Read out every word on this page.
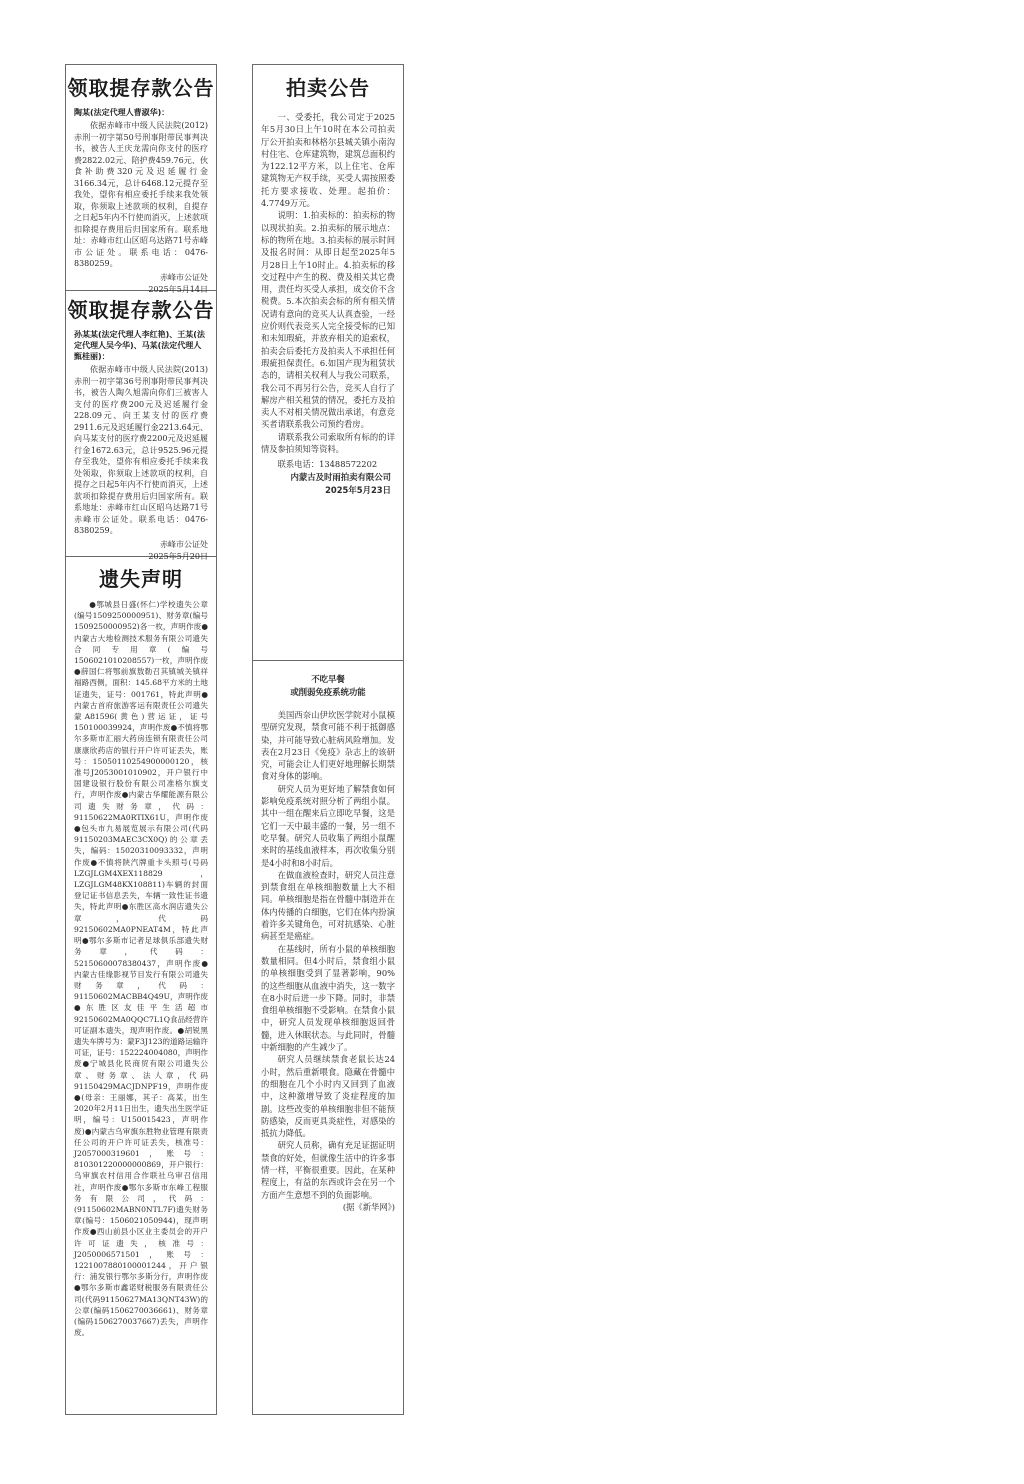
领取提存款公告
陶某(法定代理人曹淑华)：

依据赤峰市中级人民法院(2012)赤刑一初字第50号刑事附带民事判决书，被告人王庆龙需向你支付的医疗费2822.02元、陪护费459.76元、伙食补助费320元及迟延履行金3166.34元，总计6468.12元提存至我处，望你有相应委托手续来我处领取，你须取上述款项的权利，自提存之日起5年内不行使而消灭，上述款项扣除提存费用后归国家所有。联系地址：赤峰市红山区昭乌达路71号赤峰市公证处。联系电话：0476-8380259。

赤峰市公证处

2025年5月14日

领取提存款公告
孙某某(法定代理人李红艳)、王某(法定代理人吴今华)、马某(法定代理人甄桂丽)：

依据赤峰市中级人民法院(2013)赤刑一初字第36号刑事附带民事判决书，被告人陶久旭需向你们三被害人支付的医疗费200元及迟延履行金228.09元、向王某支付的医疗费2911.6元及迟延履行金2213.64元、向马某支付的医疗费2200元及迟延履行金1672.63元，总计9525.96元提存至我处，望你有相应委托手续来我处领取，你须取上述款项的权利，自提存之日起5年内不行使而消灭，上述款项扣除提存费用后归国家所有。联系地址：赤峰市红山区昭乌达路71号赤峰市公证处。联系电话：0476-8380259。

赤峰市公证处

2025年5月20日

遗失声明

●鄂城县日盛(怀仁)学校遗失公章(编号1509250000951)、财务章(编号1509250000952)各一枚，声明作废●内蒙古大地检测技术服务有限公司遗失合同专用章(编号1506021010208557)一枚，声明作废●薛国仁将鄂前旗敖勒召其镇城关镇祥福路西侧，面积：145.68平方米的土地证遗失，证号：001761，特此声明●内蒙古首府旅游客运有限责任公司遗失蒙A81596(黄色)营运证，证号150100039924，声明作废●不慎将鄂尔多斯市汇丽大药房连锁有限责任公司康康欣药店的银行开户许可证丢失，账号：15050110254900000120，核准号J2053001010902，开户银行中国建设银行股份有限公司准格尔旗支行，声明作废●内蒙古华耀能源有限公司遗失财务章，代码：91150622MA0RTIX61U，声明作废●包头市九易展览展示有限公司(代码91150203MAEC3CX0Q)的公章丢失，编码：15020310093332，声明作废●不慎将陕汽牌重卡头照号(号码LZGJLGM4XEX118829，LZGJLGM48KX108811)车辆的封面登记证书信息丢失，车辆一致性证书遗失，特此声明●东胜区高水润店遗失公章，代码92150602MA0PNEAT4M，特此声明●鄂尔多斯市记者足球俱乐部遗失财务章，代码：52150600078380437，声明作废●内蒙古佳缘影视节目发行有限公司遗失财务章，代码：91150602MACBB4Q49U，声明作废●东胜区友佳平生活超市92150602MA0QQC7L1Q食品经营许可证副本遗失，现声明作废。●胡锐黑遗失车牌号为：蒙F3J123的道路运输许可证，证号：152224004080，声明作废●宁城县化民商贸有限公司遗失公章、财务章、法人章，代码91150429MACJDNPF19，声明作废●(母亲：王丽娜，其子：高某，出生2020年2月11日出生，遗失出生医学证明，编号：U150015423，声明作废)●内蒙古乌审旗东胜物业管理有限责任公司的开户许可证丢失，核准号：J2057000319601，账号：810301220000000869，开户银行：乌审旗农村信用合作联社乌审召信用社，声明作废●鄂尔多斯市东峰工程服务有限公司，代码：(91150602MABN0NTL7F)遗失财务章(编号：1506021050944)，现声明作废●西山前县小区业主委员会的开户许可证遗失，核准号：J2050006571501，账号：1221007880100001244，开户银行：浦发银行鄂尔多斯分行，声明作废●鄂尔多斯市鑫诺财税服务有限责任公司(代码91150627MA13QNT43W)的公章(编码1506270036661)、财务章(编码1506270037667)丢失，声明作废。

拍卖公告

一、受委托，我公司定于2025年5月30日上午10时在本公司拍卖厅公开拍卖和林格尔县城关镇小南沟村住宅、仓库建筑物，建筑总面积约为122.12平方米，以上住宅、仓库建筑物无产权手续，买受人需按照委托方要求接收、处理。起拍价：4.7749万元。

说明：1.拍卖标的：拍卖标的物以现状拍卖。2.拍卖标的展示地点：标的物所在地。3.拍卖标的展示时间及报名时间：从即日起至2025年5月28日上午10时止。4.拍卖标的移交过程中产生的税、费及相关其它费用，责任均买受人承担，成交价不含税费。5.本次拍卖会标的所有相关情况请有意向的竞买人认真查验，一经应价则代表竞买人完全接受标的已知和未知瑕疵，并放弃相关的追索权，拍卖会后委托方及拍卖人不承担任何瑕疵担保责任。6.如国产现为租赁状态的，请相关权利人与我公司联系，我公司不再另行公告，竞买人自行了解房产相关租赁的情况，委托方及拍卖人不对相关情况做出承诺，有意竞买者请联系我公司预约看房。

请联系我公司索取所有标的的详情及参拍须知等资料。

联系电话：13488572202

内蒙古及时雨拍卖有限公司

2025年5月23日

不吃早餐
或削弱免疫系统功能

美国西奈山伊坎医学院对小鼠模型研究发现，禁食可能不利于抵御感染，并可能导致心脏病风险增加。发表在2月23日《免疫》杂志上的该研究，可能会让人们更好地理解长期禁食对身体的影响。

研究人员为更好地了解禁食如何影响免疫系统对照分析了两组小鼠。其中一组在醒来后立即吃早餐，这是它们一天中最丰盛的一餐，另一组不吃早餐。研究人员收集了两组小鼠醒来时的基线血液样本，再次收集分别是4小时和8小时后。

在做血液检查时，研究人员注意到禁食组在单核细胞数量上大不相同。单核细胞是指在骨髓中制造并在体内传播的白细胞，它们在体内扮演着许多关键角色，可对抗感染、心脏病甚至是癌症。

在基线时，所有小鼠的单核细胞数量相同。但4小时后，禁食组小鼠的单核细胞受到了显著影响，90%的这些细胞从血液中消失，这一数字在8小时后进一步下降。同时，非禁食组单核细胞不受影响。在禁食小鼠中，研究人员发现单核细胞返回骨髓，进入休眠状态。与此同时，骨髓中新细胞的产生减少了。

研究人员继续禁食老鼠长达24小时，然后重新喂食。隐藏在骨髓中的细胞在几个小时内又回到了血液中，这种激增导致了炎症程度的加剧。这些改变的单核细胞非但不能预防感染，反而更具炎症性，对感染的抵抗力降低。

研究人员称，确有充足证据证明禁食的好处，但就像生活中的许多事情一样，平衡很重要。因此，在某种程度上，有益的东西或许会在另一个方面产生意想不到的负面影响。

(据《新华网》)
